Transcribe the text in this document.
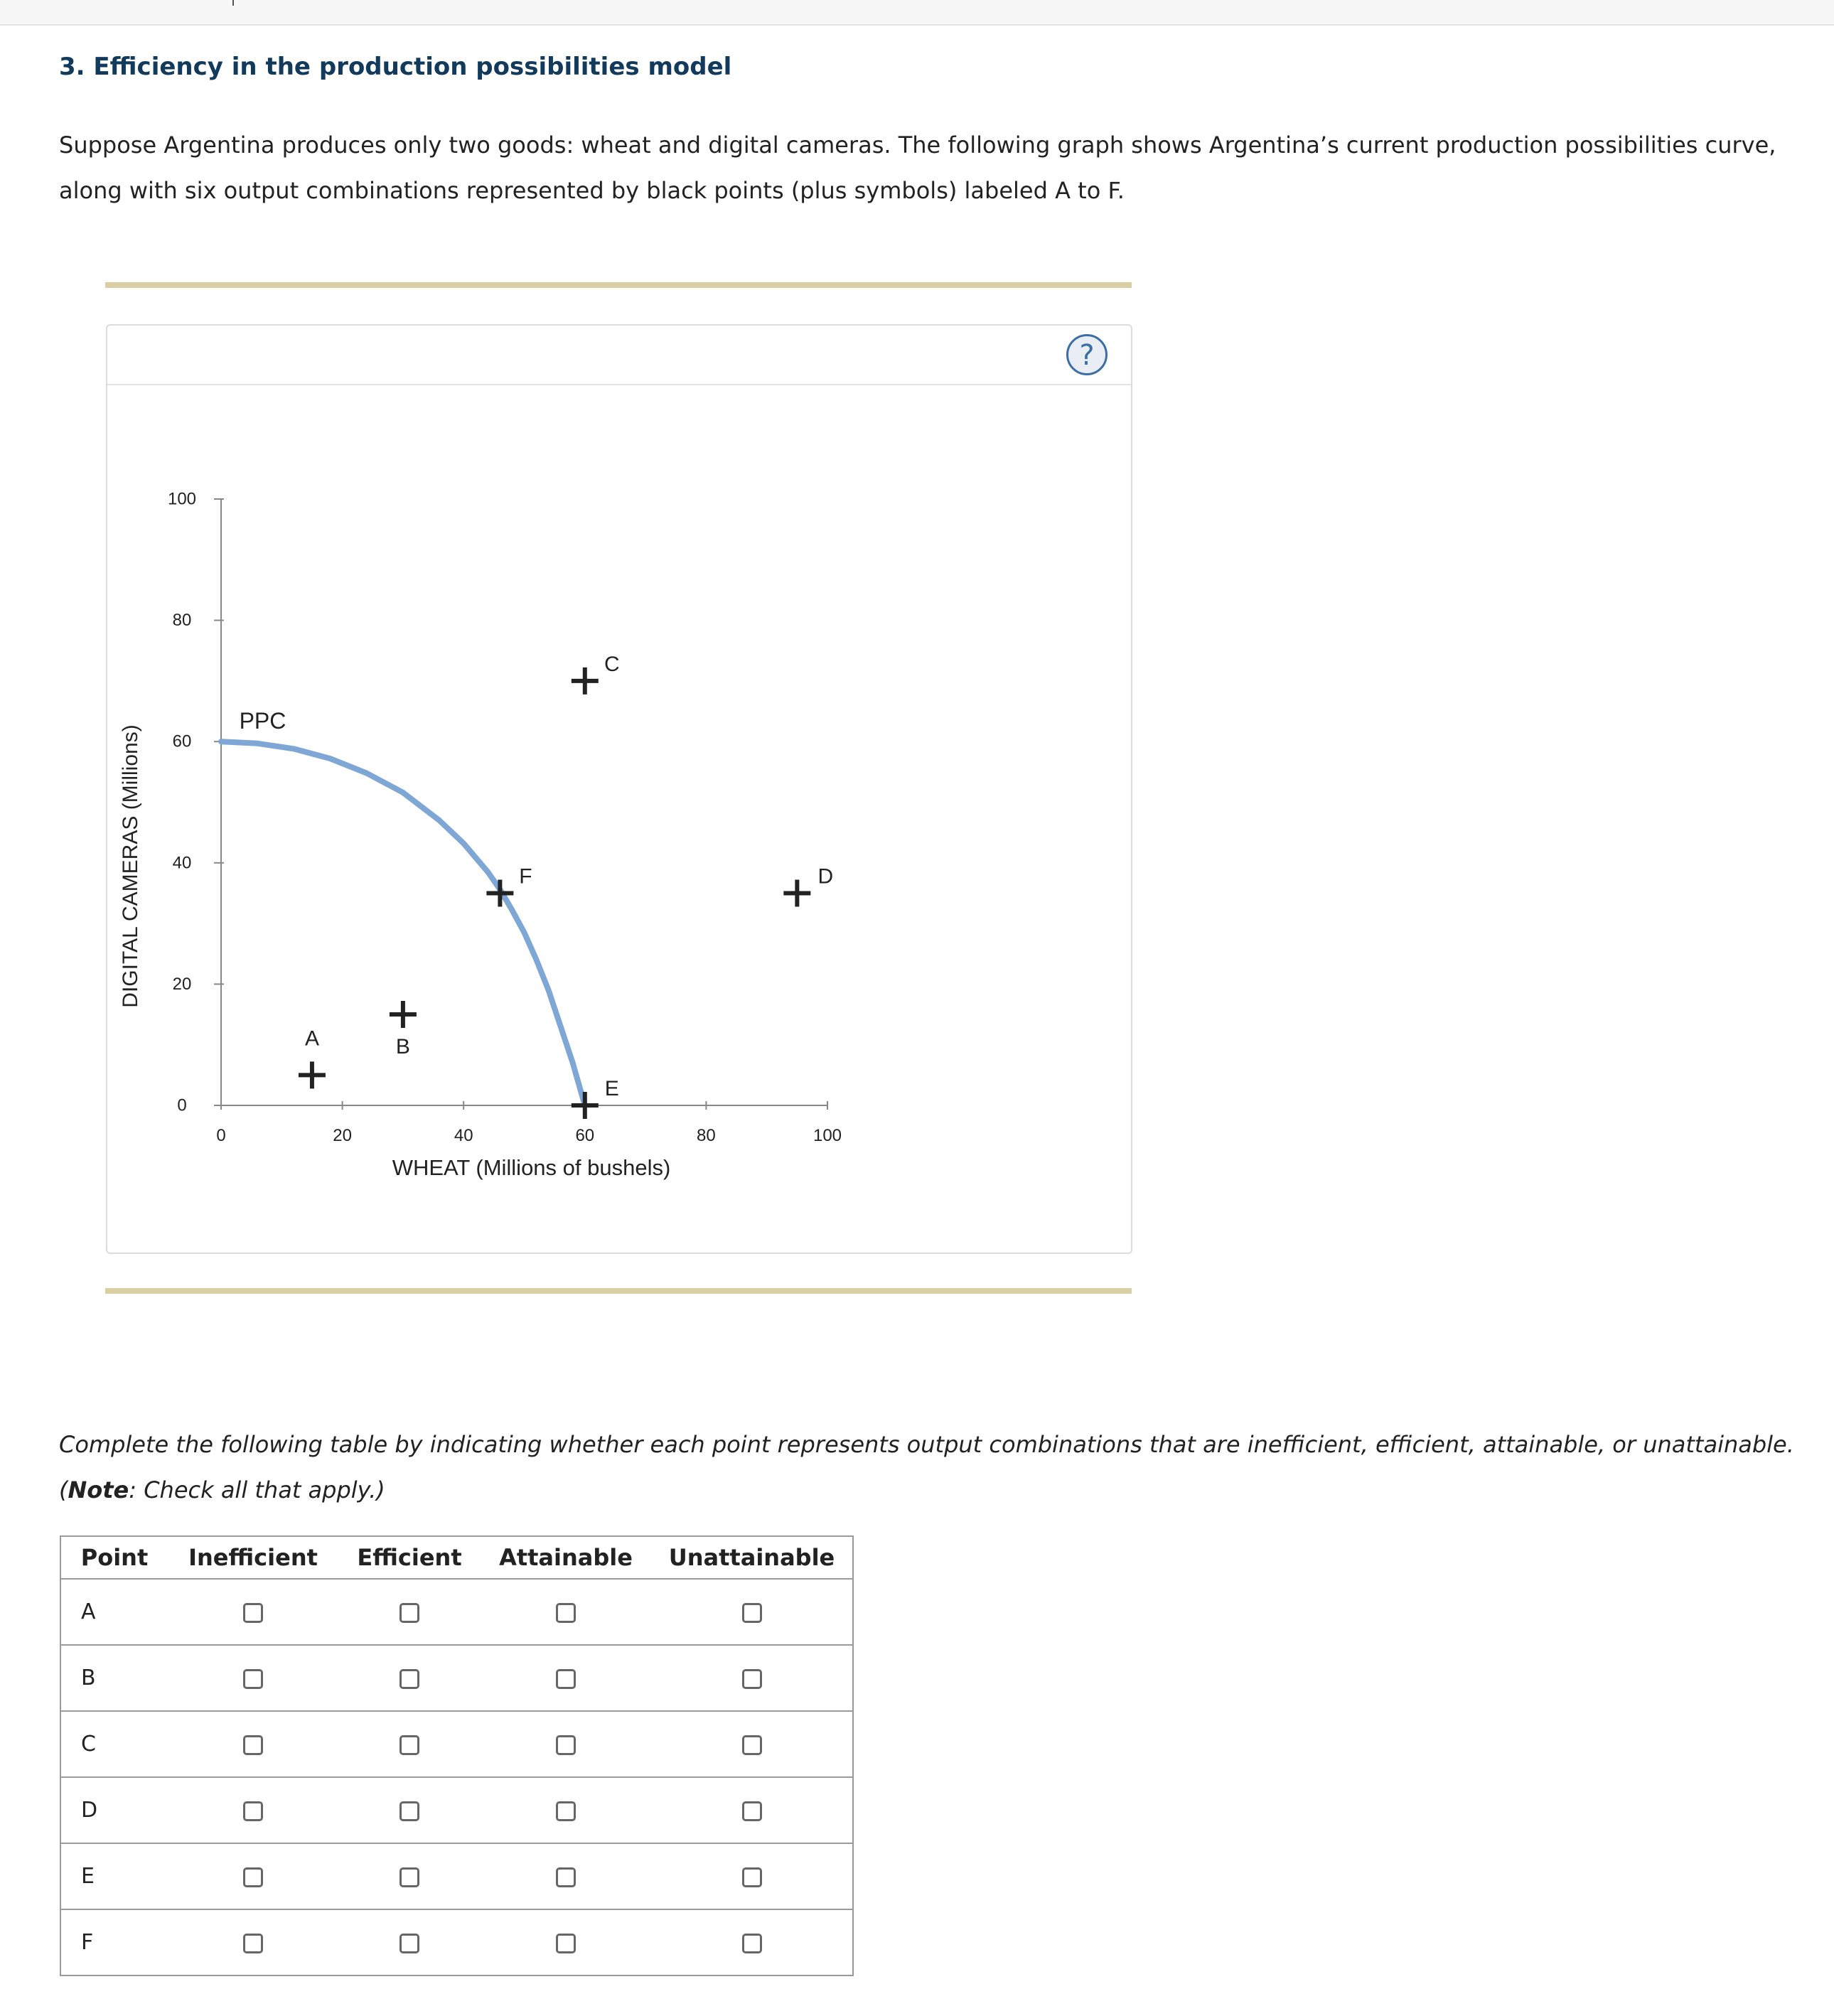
3. Efficiency in the production possibilities model
Suppose Argentina produces only two goods: wheat and digital cameras. The following graph shows Argentina’s current production possibilities curve,
along with six output combinations represented by black points (plus symbols) labeled A to F.
?
0
20
40
60
80
100
0	20	40	60	80	100
WHEAT (Millions of bushels)
DIGITAL CAMERAS (Millions)
PPC
A	B
C
D
E
F
Complete the following table by indicating whether each point represents output combinations that are inefficient, efficient, attainable, or unattainable.
(Note: Check all that apply.)
Point	Inefficient	Efficient	Attainable	Unattainable
A				
B				
C				
D				
E				
F				
